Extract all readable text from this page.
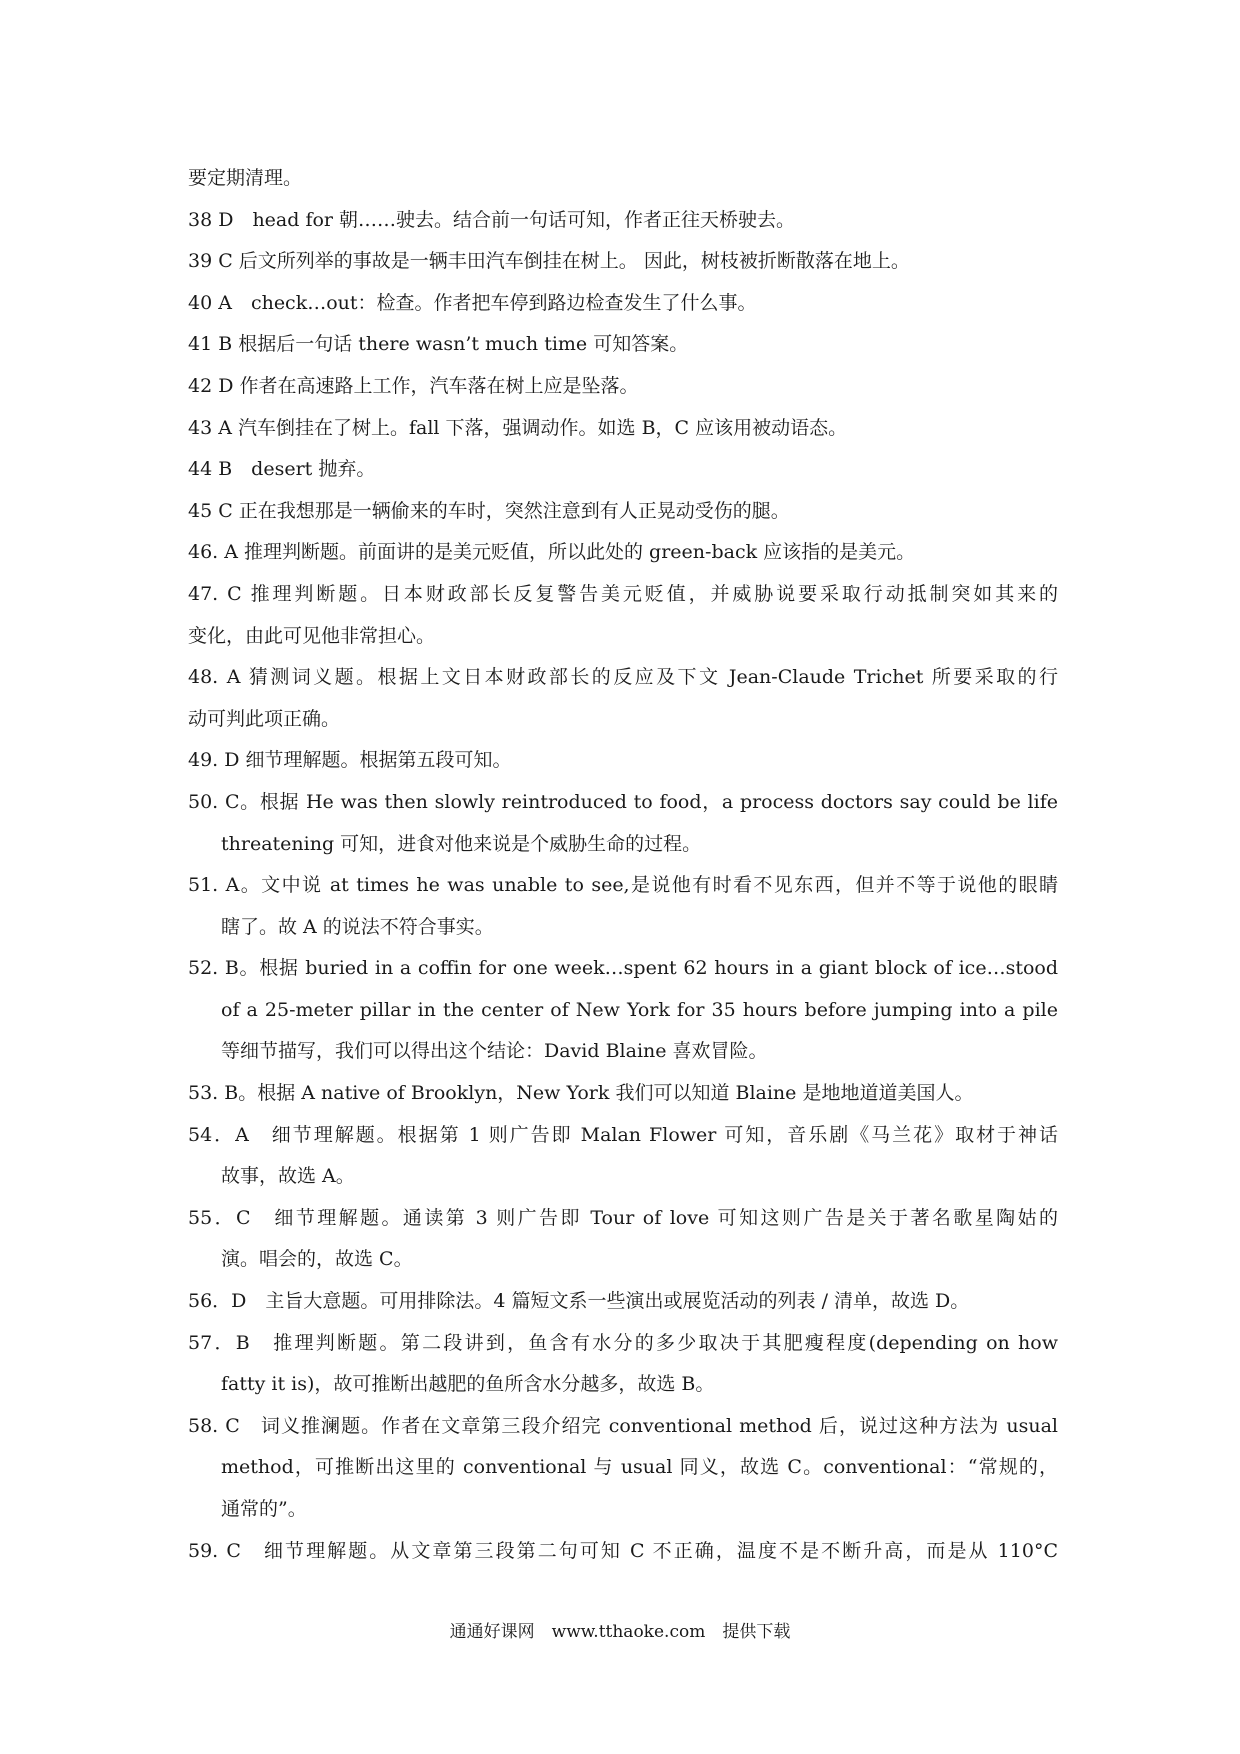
要定期清理。
38 D　head for 朝……驶去。结合前一句话可知，作者正往天桥驶去。
39 C 后文所列举的事故是一辆丰田汽车倒挂在树上。 因此，树枝被折断散落在地上。
40 A　check…out：检查。作者把车停到路边检查发生了什么事。
41 B 根据后一句话 there wasn’t much time 可知答案。
42 D 作者在高速路上工作，汽车落在树上应是坠落。
43 A 汽车倒挂在了树上。fall 下落，强调动作。如选 B，C 应该用被动语态。
44 B　desert 抛弃。
45 C 正在我想那是一辆偷来的车时，突然注意到有人正晃动受伤的腿。
46. A 推理判断题。前面讲的是美元贬值，所以此处的 green-back 应该指的是美元。
47. C 推理判断题。日本财政部长反复警告美元贬值，并威胁说要采取行动抵制突如其来的
变化，由此可见他非常担心。
48. A 猜测词义题。根据上文日本财政部长的反应及下文 Jean-Claude Trichet 所要采取的行
动可判此项正确。
49. D 细节理解题。根据第五段可知。
50. C。根据 He was then slowly reintroduced to food，a process doctors say could be life
threatening 可知，进食对他来说是个威胁生命的过程。
51. A。文中说 at times he was unable to see,是说他有时看不见东西，但并不等于说他的眼睛
瞎了。故 A 的说法不符合事实。
52. B。根据 buried in a coffin for one week…spent 62 hours in a giant block of ice…stood
of a 25-meter pillar in the center of New York for 35 hours before jumping into a pile
等细节描写，我们可以得出这个结论：David Blaine 喜欢冒险。
53. B。根据 A native of Brooklyn，New York 我们可以知道 Blaine 是地地道道美国人。
54．A　细节理解题。根据第 1 则广告即 Malan Flower 可知，音乐剧《马兰花》取材于神话
故事，故选 A。
55．C　细节理解题。通读第 3 则广告即 Tour of love 可知这则广告是关于著名歌星陶姑的
演。唱会的，故选 C。
56．D　主旨大意题。可用排除法。4 篇短文系一些演出或展览活动的列表 / 清单，故选 D。
57．B　推理判断题。第二段讲到，鱼含有水分的多少取决于其肥瘦程度(depending on how
fatty it is)，故可推断出越肥的鱼所含水分越多，故选 B。
58. C　词义推澜题。作者在文章第三段介绍完 conventional method 后，说过这种方法为 usual
method，可推断出这里的 conventional 与 usual 同义，故选 C。conventional：“常规的，
通常的”。
59. C　细节理解题。从文章第三段第二句可知 C 不正确，温度不是不断升高，而是从 110°C
通通好课网　www.tthaoke.com　提供下载
